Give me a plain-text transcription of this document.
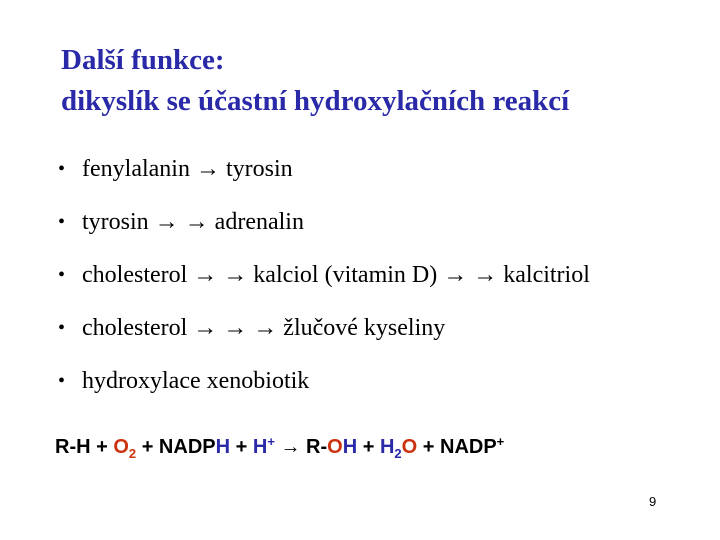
Další funkce:
dikyslík se účastní hydroxylačních reakcí
• fenylalanin → tyrosin
• tyrosin → → adrenalin
• cholesterol → → kalciol (vitamin D) → → kalcitriol
• cholesterol → → → žlučové kyseliny
• hydroxylace xenobiotik
$R-H + O_2$ + NADPH + $H^+ \to R-OH + H_2O$ + NADP+
9
